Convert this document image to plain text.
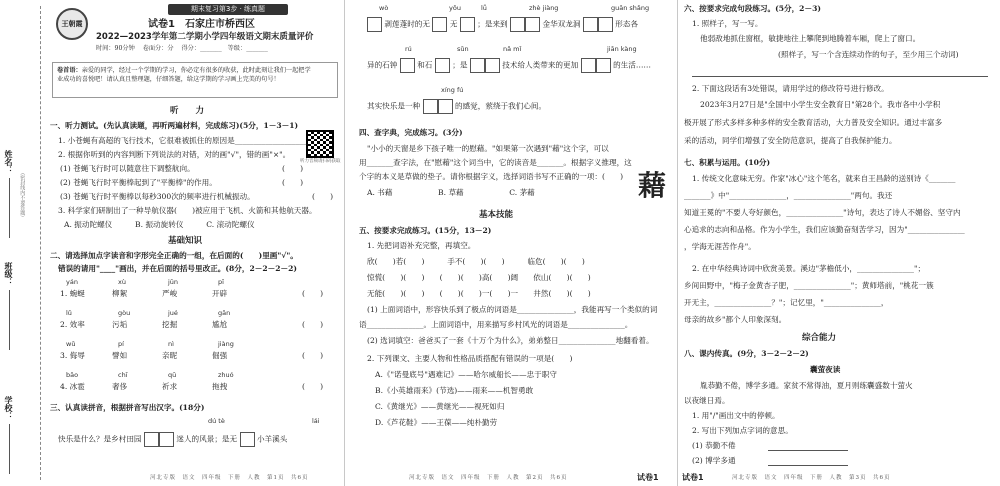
姓名：
班级：
学校：
（密封线内不要答题）
期末复习第3步 · 练真题
王朝霞	试卷1　石家庄市桥西区
2022—2023学年第二学期小学四年级语文期末质量评价
时间：90分钟 卷面分：分 得分：_______   等级：_______
卷首语：亲爱的同学，经过一个学期的学习，你必定有很多的收获，此时此刻让我们一起把学
业成功的喜悦吧！请认真且整理题，仔细答题，给这学期的学习画上完美的句号！
听　　力
听力音频请扫码获取
一、听力测试。(先认真读题，再听两遍材料，完成练习)(5分，1－3－1)
1. 小苍蝇有高超的飞行技术，它很难被抓住的原因是____________________。
2. 根据你听到的内容判断下列说法的对错，对的画"√"，错的画"×"。
(1) 苍蝇飞行时可以随意往下调整航向。	(　　)
(2) 苍蝇飞行时平衡棒起到了"平衡棒"的作用。	(　　)
(3) 苍蝇飞行时平衡棒以每秒300次的频率进行机械振动。	(　　)
3. 科学家们研制出了一种导航仪器(　　)被应用于飞机、火箭和其他航天器。
A. 振动陀螺仪　　　B. 振动旋转仪　　　C. 滚动陀螺仪
基础知识
二、请选择加点字读音和字形完全正确的一组，在后面的(　　)里画"√"。
错误的请用"____"画出，并在后面的括号里改正。(8分，2－2－2－2)
yán	xù	jūn	pī
1. 蜿蜒	柳絮	严峻	开辟	(　　)
lǔ	gòu	jué	gān
2. 效率	污垢	挖掘	尴尬	(　　)
wǔ	pí	nì	jiàng
3. 侮辱	譬如	亲昵	倔强	(　　)
bāo	chī	qū	zhuó
4. 冰雹	奢侈	祈求	拖拽	(　　)
三、认真读拼音，根据拼音写出汉字。(18分)
dú tè	lái
快乐是什么？是乡村田园	迷人的风景；是无	小羊溪头
河北专版　语文　四年级　下册　人教　第1页　共6页
wò	yōu	lǚ	zhè jiàng	guān shǎng
剥莲蓬时的无	无	；是来到	金华双龙洞	形态各
rú	sǔn	nǎ mǐ	jiān kàng
异的石钟	和石	；是	技术给人类带来的更加	的生活……
xíng fú
其实快乐是一种	的感觉，萦绕于我们心间。
四、查字典，完成练习。(3分)
"小小的天窗是乡下孩子唯一的慰藉。"如果第一次遇到"藉"这个字，可以
用_______查字法，在"慰藉"这个词当中，它的读音是_______。根据字义推理，这
个字的本义是草做的垫子。请你根据字义，选择词语书写不正确的一项：(　　)
A. 书藉　　　　　　B. 草藉　　　　　　C. 茅藉	藉
基本技能
五、按要求完成练习。(15分，13－2)
1. 先把词语补充完整，再填空。
欣(　　)若(　　)　　　手不(　　)(　　)　　　临危(　　)(　　)
惊慌(　　)(　　)　　(　　)(　　)高(　　)阔　　依山(　　)(　　)
无能(　　)(　　)　　(　　)(　　)一(　　)一　　井然(　　)(　　)
(1) 上面词语中，形容快乐到了极点的词语是_______________，我能再写一个类似的词
语_______________。上面词语中，用来描写乡村风光的词语是_______________。
(2) 选词填空：爸爸买了一套《十万个为什么》，弟弟整日_______________地翻看着。
2. 下列课文、主要人物和性格品质搭配有错误的一项是(　　)
A.《"诺曼底号"遇难记》——哈尔威船长——忠于职守
B.《小英雄雨来》(节选)——雨来——机智勇敢
C.《黄继光》——黄继光——视死如归
D.《芦花鞋》——王葆——纯朴勤劳
河北专版　语文　四年级　下册　人教　第2页　共6页	试卷1
六、按要求完成句段练习。(5分，2－3)
1. 照样子，写一写。
他弱敌地抓住窗框，敏捷地往上攀爬到地腾着车厢，爬上了窗口。
(照样子，写一个含连续动作的句子，至少用三个动词)
2. 下面这段话有3处错误，请用学过的修改符号进行修改。
2023年3月27日是"全国中小学生安全教育日"第28个。我市各中小学积
极开展了形式多样多种多样的安全教育活动，大力普及安全知识。通过丰富多
采的活动，同学们增强了安全防范意识，提高了自我保护能力。
七、积累与运用。(10分)
1. 传统文化意味无穷。作家"冰心"这个笔名，就来自王昌龄的送别诗《_______
_______》中"_______________，_______________"两句。我还
知道王冕的"不要人夸好颜色，_______________"诗句，表达了诗人不媚俗、坚守内
心追求的志向和品格。作为小学生，我们应该勤奋刻苦学习，因为"_______________
，学海无涯苦作舟"。
2. 在中华经典诗词中欣赏美景。溪边"茅檐低小，_______________"；
乡间田野中，"梅子金黄杏子肥，_______________"；黄师塔前，"桃花一簇
开无主，_______________？"；记忆里，"_______________，
母亲的故乡"都个人印象深刻。
综合能力
八、课内传真。(9分，3－2－2－2)
囊萤夜读
胤恭勤不倦，博学多通。家贫不常得油，夏月则练囊盛数十萤火
以夜继日焉。
1. 用"/"画出文中的停顿。
2. 写出下列加点字词的意思。
(1) 恭勤不倦
(2) 博学多通
试卷1	河北专版　语文　四年级　下册　人教　第3页　共6页
